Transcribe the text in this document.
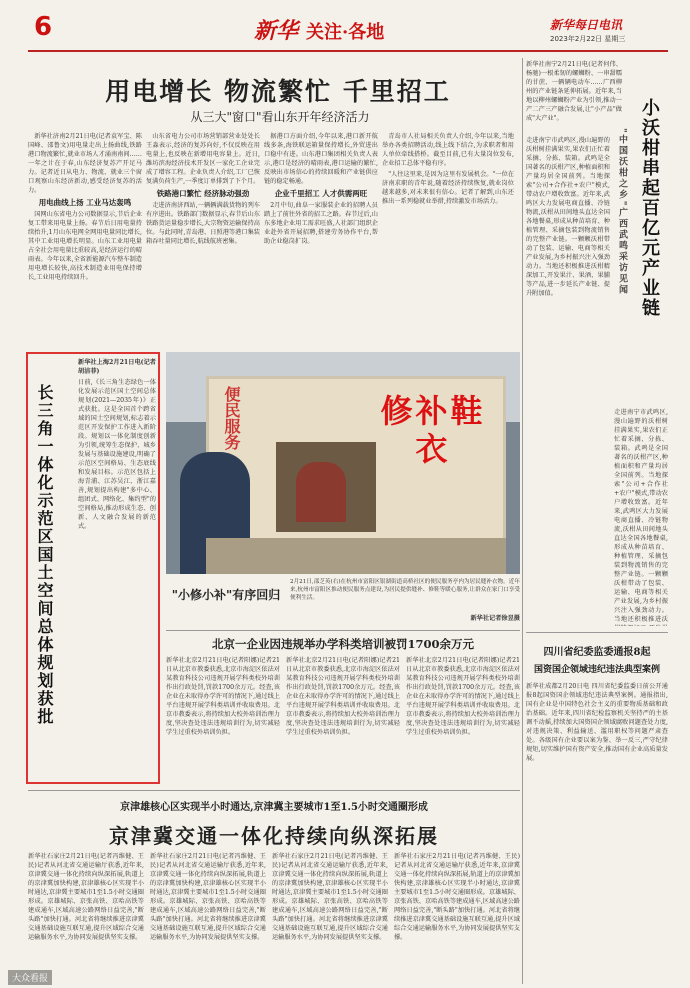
6	新华 关注·各地	新华每日电讯
2023年2月22日 星期三
用电增长 物流繁忙 千里招工
从三大"窗口"看山东开年经济活力

新华社济南2月21日电(记者袁军宝、陈国峰、邵鲁文)用电量走出上扬曲线,铁路港口物流繁忙,就业市场人才涌南南间……一年之计在于春,山东经济复苏产开足马力。记者近日从电力、物流、就业三个窗口观察山东经济新动,感受经济复苏的活力。

用电曲线上扬 工业马达轰鸣

国网山东省电力公司数据显示,节后企业复工带来用电量上扬。春节后日用电量持续抬升,1月山东电网全网用电量同比增长,其中工业用电增长明显。山东工业用电量占全社会用电量比重较高,是经济运行的晴雨表。今年以来,全省新能源汽车整车制造用电增长较快,高技术制造业用电保持增长,工业用电持续回升。

山东省电力公司市场营销部营业处处长王淼表示,经济的复苏向好,不仅反映在用电量上,也反映在新增用电容量上。近日,潍坊滨海经济技术开发区一家化工企业完成了增容工程。企业负责人介绍,工厂已恢复满负荷生产,一季度订单排到了下个月。

铁路港口繁忙 经济脉动强劲

走进济南济西站,一辆辆满载货物的列车有序进出。铁路部门数据显示,春节后山东铁路货运量稳步增长,大宗物资运输保持高位。与此同时,青岛港、日照港等港口集装箱吞吐量同比增长,航线航班密集。

据港口方面介绍,今年以来,港口新开航线多条,海铁联运箱量保持增长,外贸进出口稳中有进。山东港口集团相关负责人表示,港口是经济的晴雨表,港口运输的繁忙,反映出市场信心的持续回暖和产业链供应链的稳定畅通。

企业千里招工 人才供需两旺

2月中旬,曲阜一家服装企业的招聘人员踏上了前往外省的招工之路。春节过后,山东多地企业用工需求旺盛,人社部门组织企业赴外省开展招聘,搭建劳务协作平台,帮助企业稳岗扩岗。

青岛市人社局相关负责人介绍,今年以来,当地举办各类招聘活动,线上线下结合,为求职者和用人单位牵线搭桥。截至目前,已有大量岗位发布,企业招工总体平稳有序。

"人往这里来,是因为这里有发展机会。"一位在济南求职的青年说,随着经济持续恢复,就业岗位越来越多,对未来很有信心。记者了解到,山东还推出一系列稳就业举措,持续激发市场活力。

新华社南宁2月21日电(记者何伟、杨驰)一根柔韧的螺蛳粉、一串甜糯的甘蔗、一辆辆电动车……广西柳州的产业链条延伸拓展。近年来,当地以柳州螺蛳粉产业为引领,推动一产二产三产融合发展,让"小产品"做成"大产业"。	小沃柑串起百亿元产业链
"中国沃柑之乡"广西武鸣采访见闻
走进南宁市武鸣区,漫山遍野的沃柑树挂满果实,果农们正忙着采摘、分拣、装箱。武鸣是全国著名的沃柑产区,种植面积和产量均居全国前列。当地探索"公司+合作社+农户"模式,带动农户增收致富。近年来,武鸣区大力发展电商直播、冷链物流,沃柑从田间地头直达全国各地餐桌,形成从种苗培育、种植管理、采摘包装到物流销售的完整产业链。一颗颗沃柑带动了包装、运输、电商等相关产业发展,为乡村振兴注入强劲动力。当地还积极推进沃柑精深加工,开发果汁、果酒、果脯等产品,进一步延长产业链、提升附加值。
走进南宁市武鸣区,漫山遍野的沃柑树挂满果实,果农们正忙着采摘、分拣、装箱。武鸣是全国著名的沃柑产区,种植面积和产量均居全国前列。当地探索"公司+合作社+农户"模式,带动农户增收致富。近年来,武鸣区大力发展电商直播、冷链物流,沃柑从田间地头直达全国各地餐桌,形成从种苗培育、种植管理、采摘包装到物流销售的完整产业链。一颗颗沃柑带动了包装、运输、电商等相关产业发展,为乡村振兴注入强劲动力。当地还积极推进沃
四川省纪委监委通报8起
国资国企领域违纪违法典型案例
新华社成都2月20日电 四川省纪委监委日前公开通报8起国资国企领域违纪违法典型案例。通报指出,国有企业是中国特色社会主义的重要物质基础和政治基础。近年来,四川省纪检监察机关坚持严的主基调不动摇,持续加大国资国企领域腐败问题查处力度,对违规决策、利益输送、滥用职权等问题严肃查处。各级国有企业要以案为鉴、举一反三,严守纪律规矩,切实维护国有资产安全,推动国有企业高质量发展。
长三角一体化示范区国土空间总体规划获批
新华社上海2月21日电(记者胡洁菲)
日前,《长三角生态绿色一体化发展示范区国土空间总体规划(2021—2035年)》正式获批。这是全国首个跨省域的国土空间规划,标志着示范区开发保护工作进入新阶段。规划以一体化制度创新为引领,统筹生态保护、城乡发展与基础设施建设,明确了示范区空间格局、生态底线和发展目标。示范区包括上海青浦、江苏吴江、浙江嘉善,规划提出构建"多中心、组团式、网络化、集约型"的空间格局,推动形成生态、创新、人文融合发展的新范式。
便民服务	修补鞋衣
2月21日,邵芝英(右)在杭州市富阳区银湖街道高桥社区的便民服务亭内为居民缝补衣物。近年来,杭州市富阳区推动便民服务点建设,为居民提供缝补、修鞋等暖心服务,让群众在家门口享受便利生活。
新华社记者徐昱摄
"小修小补"有序回归
北京一企业因违规举办学科类培训被罚1700余万元
新华社北京2月21日电(记者阳娜)记者21日从北京市教委获悉,北京市海淀区依法对某教育科技公司违规开展学科类校外培训作出行政处罚,罚款1700余万元。经查,该企业在未取得办学许可的情况下,通过线上平台违规开展学科类培训并收取费用。北京市教委表示,将持续加大校外培训治理力度,坚决查处违法违规培训行为,切实减轻学生过重校外培训负担。
新华社北京2月21日电(记者阳娜)记者21日从北京市教委获悉,北京市海淀区依法对某教育科技公司违规开展学科类校外培训作出行政处罚,罚款1700余万元。经查,该企业在未取得办学许可的情况下,通过线上平台违规开展学科类培训并收取费用。北京市教委表示,将持续加大校外培训治理力度,坚决查处违法违规培训行为,切实减轻学生过重校外培训负担。
新华社北京2月21日电(记者阳娜)记者21日从北京市教委获悉,北京市海淀区依法对某教育科技公司违规开展学科类校外培训作出行政处罚,罚款1700余万元。经查,该企业在未取得办学许可的情况下,通过线上平台违规开展学科类培训并收取费用。北京市教委表示,将持续加大校外培训治理力度,坚决查处违法违规培训行为,切实减轻学生过重校外培训负担。
京津雄核心区实现半小时通达,京津冀主要城市1至1.5小时交通圈形成
京津冀交通一体化持续向纵深拓展
新华社石家庄2月21日电(记者冯维健、王民)记者从河北省交通运输厅获悉,近年来,京津冀交通一体化持续向纵深拓展,轨道上的京津冀加快构建,京津雄核心区实现半小时通达,京津冀主要城市1至1.5小时交通圈形成。京雄城际、京张高铁、京哈高铁等建成通车,区域高速公路网络日益完善,"断头路"加快打通。河北省将继续推进京津冀交通基础设施互联互通,提升区域综合交通运输服务水平,为协同发展提供坚实支撑。
新华社石家庄2月21日电(记者冯维健、王民)记者从河北省交通运输厅获悉,近年来,京津冀交通一体化持续向纵深拓展,轨道上的京津冀加快构建,京津雄核心区实现半小时通达,京津冀主要城市1至1.5小时交通圈形成。京雄城际、京张高铁、京哈高铁等建成通车,区域高速公路网络日益完善,"断头路"加快打通。河北省将继续推进京津冀交通基础设施互联互通,提升区域综合交通运输服务水平,为协同发展提供坚实支撑。
新华社石家庄2月21日电(记者冯维健、王民)记者从河北省交通运输厅获悉,近年来,京津冀交通一体化持续向纵深拓展,轨道上的京津冀加快构建,京津雄核心区实现半小时通达,京津冀主要城市1至1.5小时交通圈形成。京雄城际、京张高铁、京哈高铁等建成通车,区域高速公路网络日益完善,"断头路"加快打通。河北省将继续推进京津冀交通基础设施互联互通,提升区域综合交通运输服务水平,为协同发展提供坚实支撑。
新华社石家庄2月21日电(记者冯维健、王民)记者从河北省交通运输厅获悉,近年来,京津冀交通一体化持续向纵深拓展,轨道上的京津冀加快构建,京津雄核心区实现半小时通达,京津冀主要城市1至1.5小时交通圈形成。京雄城际、京张高铁、京哈高铁等建成通车,区域高速公路网络日益完善,"断头路"加快打通。河北省将继续推进京津冀交通基础设施互联互通,提升区域综合交通运输服务水平,为协同发展提供坚实支撑。
大众看报
